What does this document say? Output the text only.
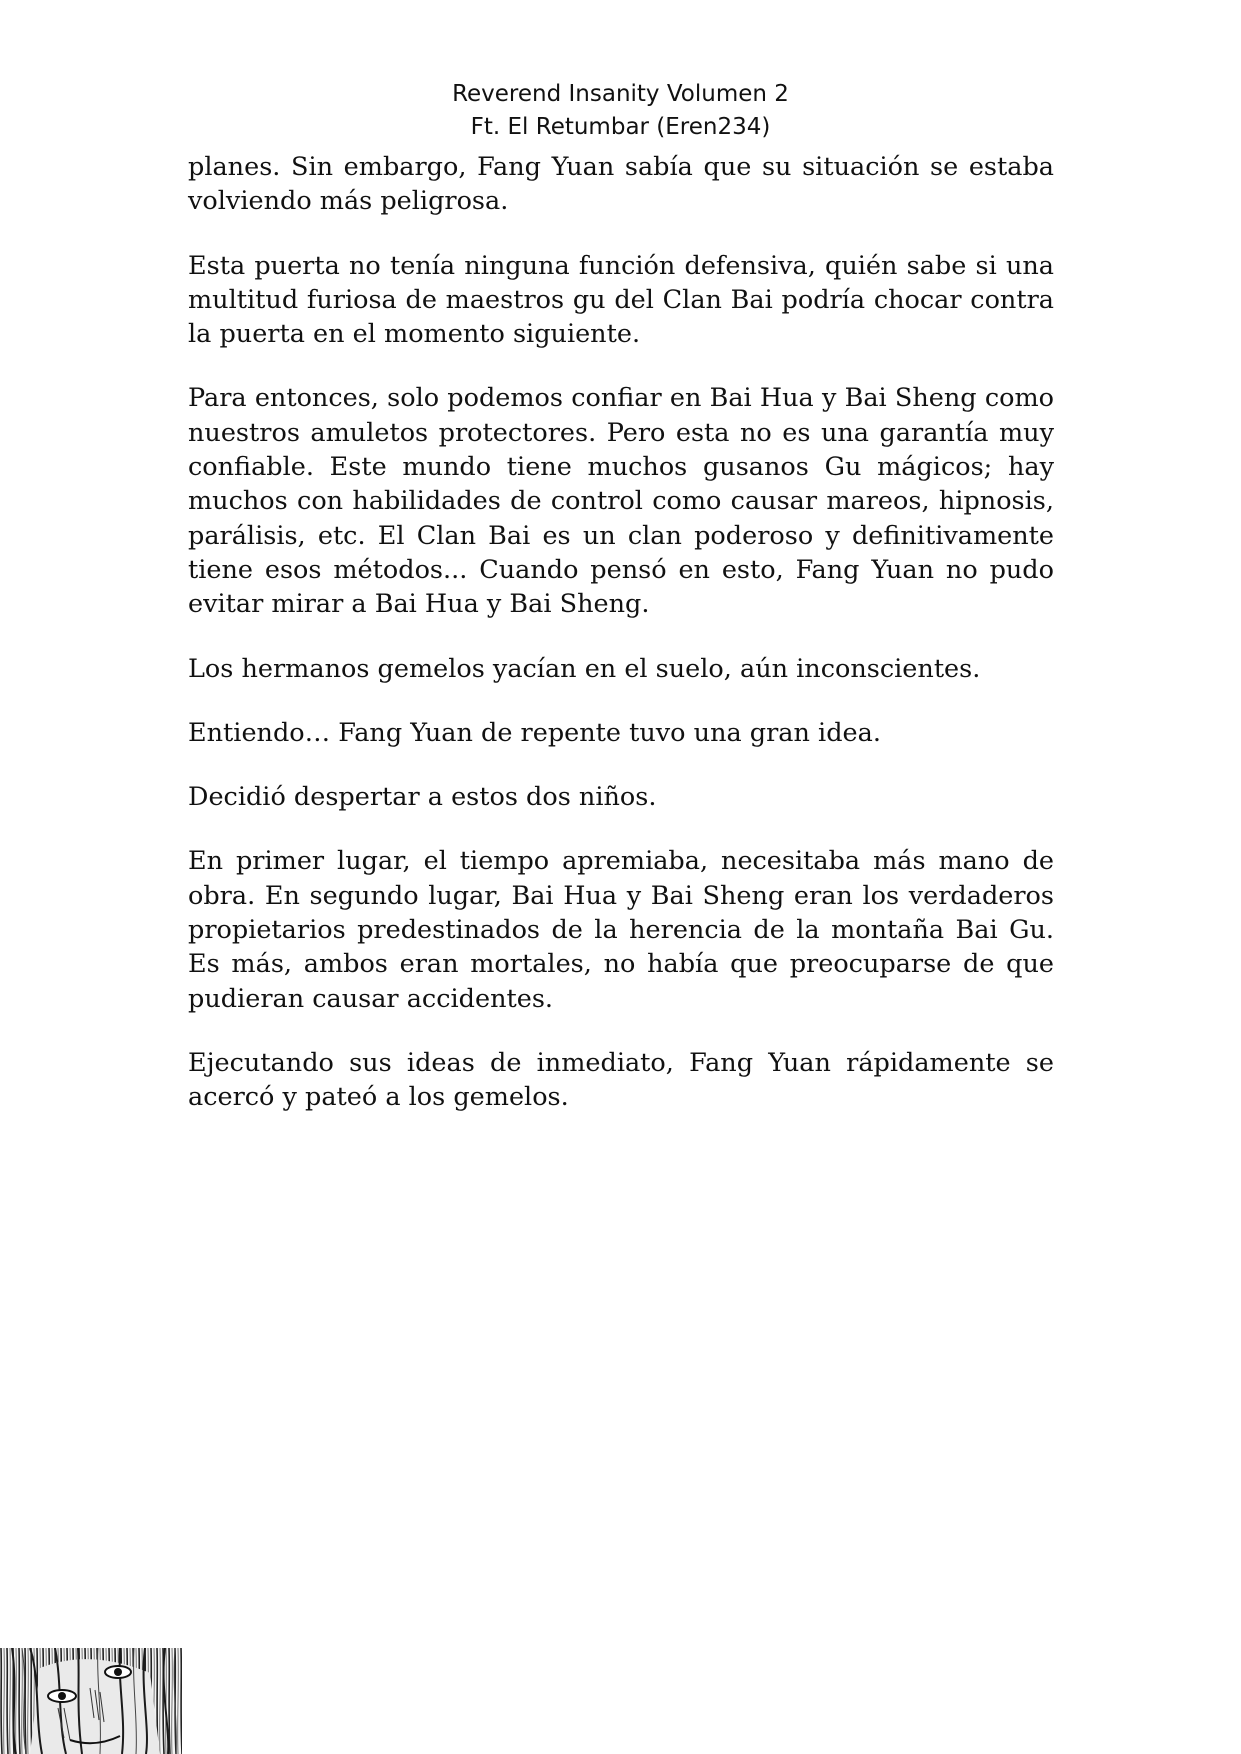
Reverend Insanity Volumen 2
Ft. El Retumbar (Eren234)

planes. Sin embargo, Fang Yuan sabía que su situación se estaba volviendo más peligrosa.

Esta puerta no tenía ninguna función defensiva, quién sabe si una multitud furiosa de maestros gu del Clan Bai podría chocar contra la puerta en el momento siguiente.

Para entonces, solo podemos confiar en Bai Hua y Bai Sheng como nuestros amuletos protectores. Pero esta no es una garantía muy confiable. Este mundo tiene muchos gusanos Gu mágicos; hay muchos con habilidades de control como causar mareos, hipnosis, parálisis, etc. El Clan Bai es un clan poderoso y definitivamente tiene esos métodos... Cuando pensó en esto, Fang Yuan no pudo evitar mirar a Bai Hua y Bai Sheng.

Los hermanos gemelos yacían en el suelo, aún inconscientes.

Entiendo… Fang Yuan de repente tuvo una gran idea.

Decidió despertar a estos dos niños.

En primer lugar, el tiempo apremiaba, necesitaba más mano de obra. En segundo lugar, Bai Hua y Bai Sheng eran los verdaderos propietarios predestinados de la herencia de la montaña Bai Gu. Es más, ambos eran mortales, no había que preocuparse de que pudieran causar accidentes.

Ejecutando sus ideas de inmediato, Fang Yuan rápidamente se acercó y pateó a los gemelos.
